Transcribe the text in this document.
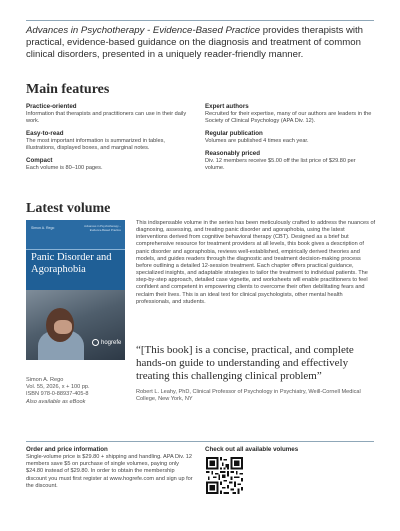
Advances in Psychotherapy - Evidence-Based Practice provides therapists with practical, evidence-based guidance on the diagnosis and treatment of common clinical disorders, presented in a uniquely reader-friendly manner.

Main features
Practice-oriented
Information that therapists and practitioners can use in their daily work.
Easy-to-read
The most important information is summarized in tables, illustrations, displayed boxes, and marginal notes.
Compact
Each volume is 80–100 pages.
Expert authors
Recruited for their expertise, many of our authors are leaders in the Society of Clinical Psychology (APA Div. 12).
Regular publication
Volumes are published 4 times each year.
Reasonably priced
Div. 12 members receive $5.00 off the list price of $29.80 per volume.
Latest volume
Simon A. Rego	Advances in Psychotherapy – Evidence-Based Practice
Panic Disorder and Agoraphobia
hogrefe
Simon A. Rego
Vol. 55, 2026, x + 100 pp.
ISBN 978-0-88937-405-8
Also available as eBook

This indispensable volume in the series has been meticulously crafted to address the nuances of diagnosing, assessing, and treating panic disorder and agoraphobia, using the latest interventions derived from cognitive behavioral therapy (CBT). Designed as a brief but comprehensive resource for treatment providers at all levels, this book gives a description of panic disorder and agoraphobia, reviews well-established, empirically derived theories and models, and guides readers through the diagnostic and treatment decision-making process before outlining a detailed 12-session treatment. Each chapter offers practical guidance, specialized insights, and adaptable strategies to tailor the treatment to individual patients. The step-by-step approach, detailed case vignette, and worksheets will enable practitioners to feel confident and competent in empowering clients to overcome their often debilitating fears and reclaim their lives. This is an ideal text for clinical psychologists, other mental health professionals, and students.

“[This book] is a concise, practical, and complete hands-on guide to understanding and effectively treating this challenging clinical problem”

Robert L. Leahy, PhD, Clinical Professor of Psychology in Psychiatry, Weill-Cornell Medical College, New York, NY

Order and price information

Single-volume price is $29.80 + shipping and handling. APA Div. 12 members save $5 on purchase of single volumes, paying only $24.80 instead of $29.80. In order to obtain the membership discount you must first register at www.hogrefe.com and sign up for the discount.

Check out all available volumes
